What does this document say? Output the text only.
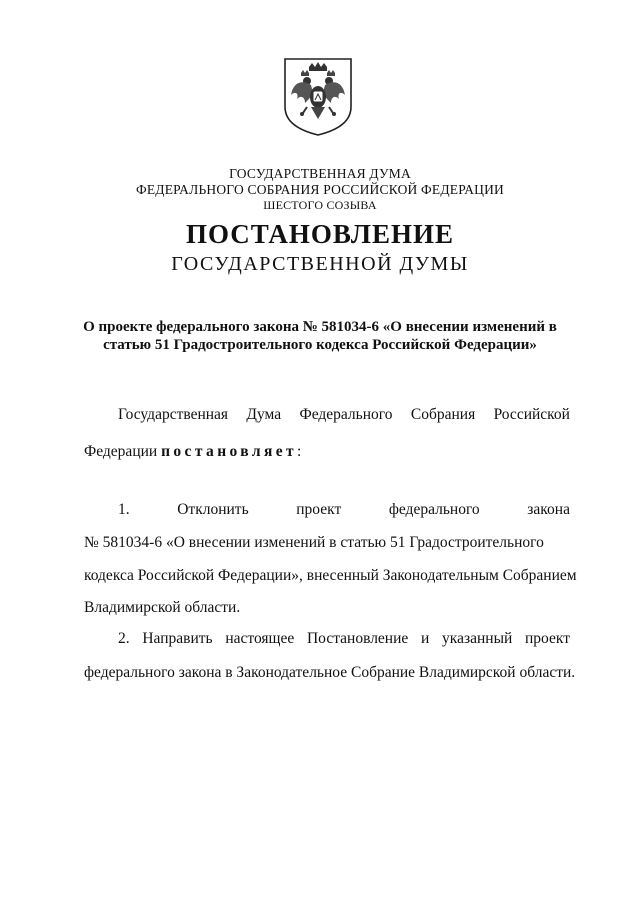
ГОСУДАРСТВЕННАЯ ДУМА
ФЕДЕРАЛЬНОГО СОБРАНИЯ РОССИЙСКОЙ ФЕДЕРАЦИИ
ШЕСТОГО СОЗЫВА
ПОСТАНОВЛЕНИЕ
ГОСУДАРСТВЕННОЙ ДУМЫ
О проекте федерального закона № 581034-6 «О внесении изменений в
статью 51 Градостроительного кодекса Российской Федерации»
Государственная Дума Федерального Собрания Российской
Федерации постановляет:
1.	Отклонить	проект	федерального	закона
№ 581034-6 «О внесении изменений в статью 51 Градостроительного
кодекса Российской Федерации», внесенный Законодательным Собранием
Владимирской области.
2. Направить настоящее Постановление и указанный проект
федерального закона в Законодательное Собрание Владимирской области.
